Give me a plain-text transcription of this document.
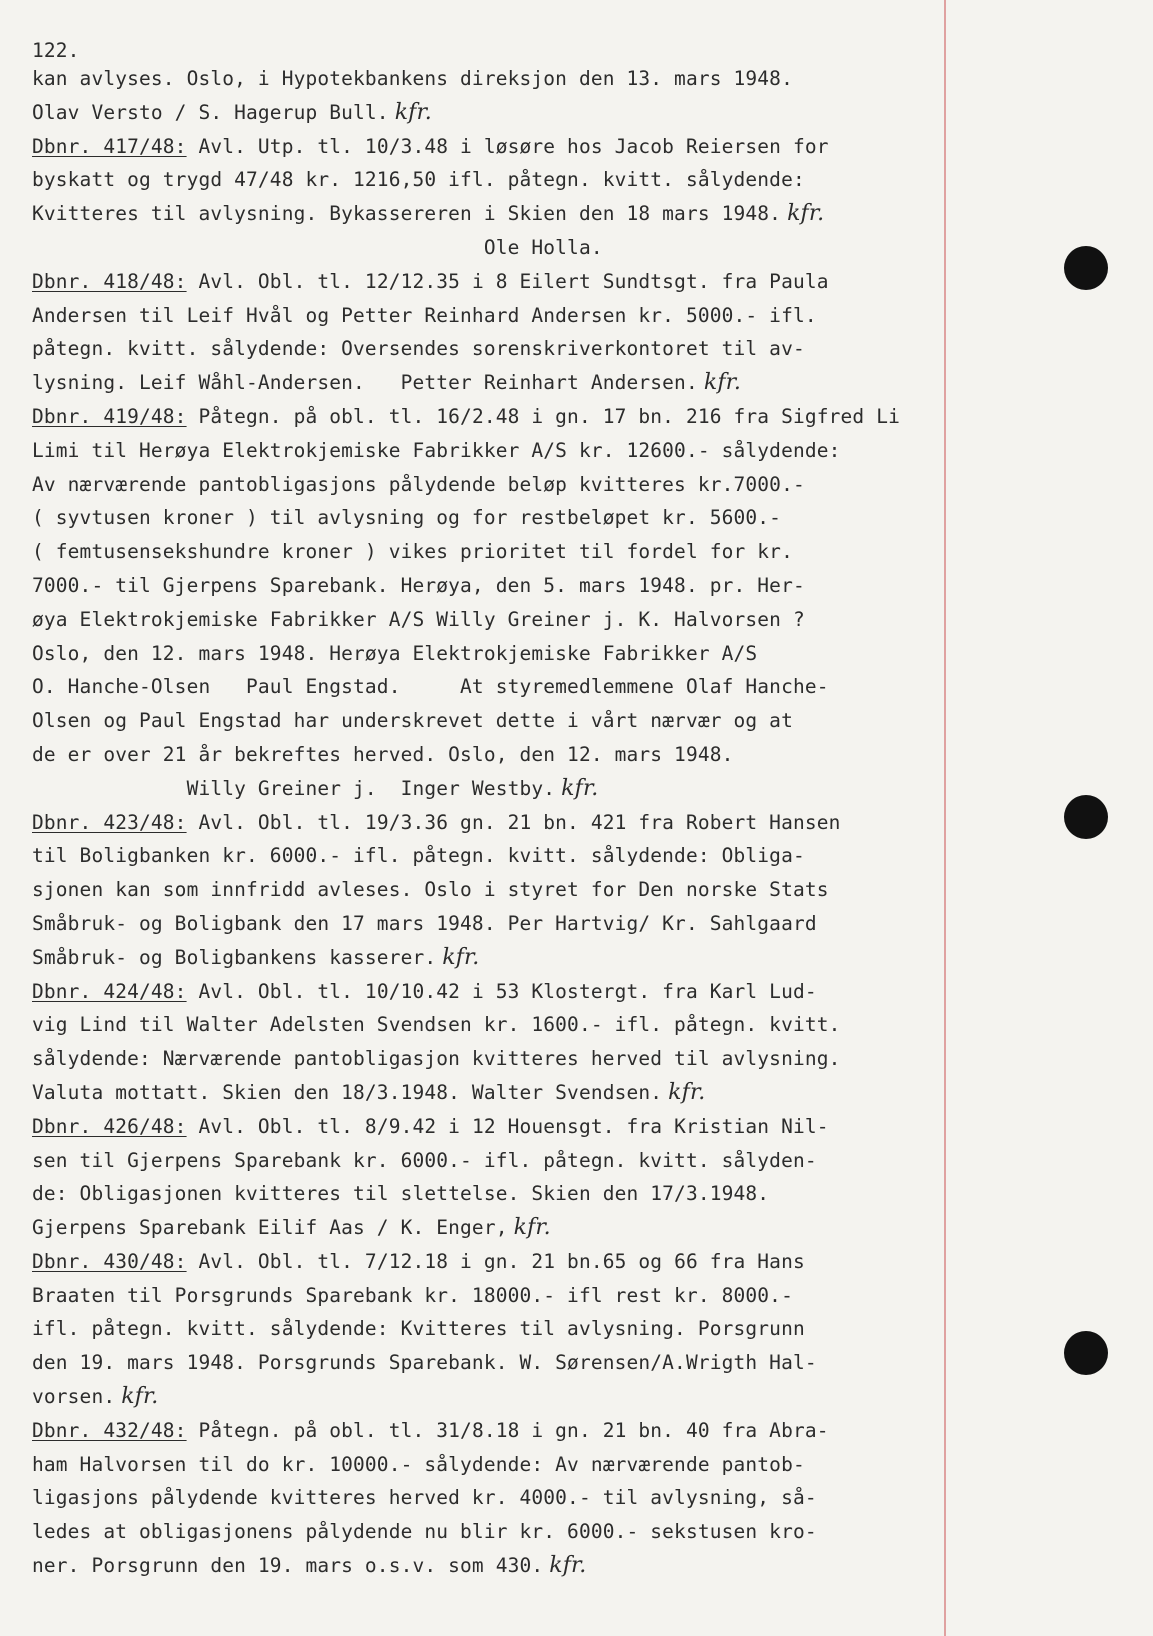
122.
kan avlyses. Oslo, i Hypotekbankens direksjon den 13. mars 1948.
Olav Versto / S. Hagerup Bull. kfr.
Dbnr. 417/48: Avl. Utp. tl. 10/3.48 i løsøre hos Jacob Reiersen for
byskatt og trygd 47/48 kr. 1216,50 ifl. påtegn. kvitt. sålydende:
Kvitteres til avlysning. Bykassereren i Skien den 18 mars 1948. kfr.
Ole Holla.
Dbnr. 418/48: Avl. Obl. tl. 12/12.35 i 8 Eilert Sundtsgt. fra Paula
Andersen til Leif Hvål og Petter Reinhard Andersen kr. 5000.- ifl.
påtegn. kvitt. sålydende: Oversendes sorenskriverkontoret til av-
lysning. Leif Wåhl-Andersen.   Petter Reinhart Andersen. kfr.
Dbnr. 419/48: Påtegn. på obl. tl. 16/2.48 i gn. 17 bn. 216 fra Sigfred Li
Limi til Herøya Elektrokjemiske Fabrikker A/S kr. 12600.- sålydende:
Av nærværende pantobligasjons pålydende beløp kvitteres kr.7000.-
( syvtusen kroner ) til avlysning og for restbeløpet kr. 5600.-
( femtusensekshundre kroner ) vikes prioritet til fordel for kr.
7000.- til Gjerpens Sparebank. Herøya, den 5. mars 1948. pr. Her-
øya Elektrokjemiske Fabrikker A/S Willy Greiner j. K. Halvorsen ?
Oslo, den 12. mars 1948. Herøya Elektrokjemiske Fabrikker A/S
O. Hanche-Olsen   Paul Engstad.     At styremedlemmene Olaf Hanche-
Olsen og Paul Engstad har underskrevet dette i vårt nærvær og at
de er over 21 år bekreftes herved. Oslo, den 12. mars 1948.
Willy Greiner j.  Inger Westby. kfr.
Dbnr. 423/48: Avl. Obl. tl. 19/3.36 gn. 21 bn. 421 fra Robert Hansen
til Boligbanken kr. 6000.- ifl. påtegn. kvitt. sålydende: Obliga-
sjonen kan som innfridd avleses. Oslo i styret for Den norske Stats
Småbruk- og Boligbank den 17 mars 1948. Per Hartvig/ Kr. Sahlgaard
Småbruk- og Boligbankens kasserer. kfr.
Dbnr. 424/48: Avl. Obl. tl. 10/10.42 i 53 Klostergt. fra Karl Lud-
vig Lind til Walter Adelsten Svendsen kr. 1600.- ifl. påtegn. kvitt.
sålydende: Nærværende pantobligasjon kvitteres herved til avlysning.
Valuta mottatt. Skien den 18/3.1948. Walter Svendsen. kfr.
Dbnr. 426/48: Avl. Obl. tl. 8/9.42 i 12 Houensgt. fra Kristian Nil-
sen til Gjerpens Sparebank kr. 6000.- ifl. påtegn. kvitt. sålyden-
de: Obligasjonen kvitteres til slettelse. Skien den 17/3.1948.
Gjerpens Sparebank Eilif Aas / K. Enger, kfr.
Dbnr. 430/48: Avl. Obl. tl. 7/12.18 i gn. 21 bn.65 og 66 fra Hans
Braaten til Porsgrunds Sparebank kr. 18000.- ifl rest kr. 8000.-
ifl. påtegn. kvitt. sålydende: Kvitteres til avlysning. Porsgrunn
den 19. mars 1948. Porsgrunds Sparebank. W. Sørensen/A.Wrigth Hal-
vorsen. kfr.
Dbnr. 432/48: Påtegn. på obl. tl. 31/8.18 i gn. 21 bn. 40 fra Abra-
ham Halvorsen til do kr. 10000.- sålydende: Av nærværende pantob-
ligasjons pålydende kvitteres herved kr. 4000.- til avlysning, så-
ledes at obligasjonens pålydende nu blir kr. 6000.- sekstusen kro-
ner. Porsgrunn den 19. mars o.s.v. som 430. kfr.
